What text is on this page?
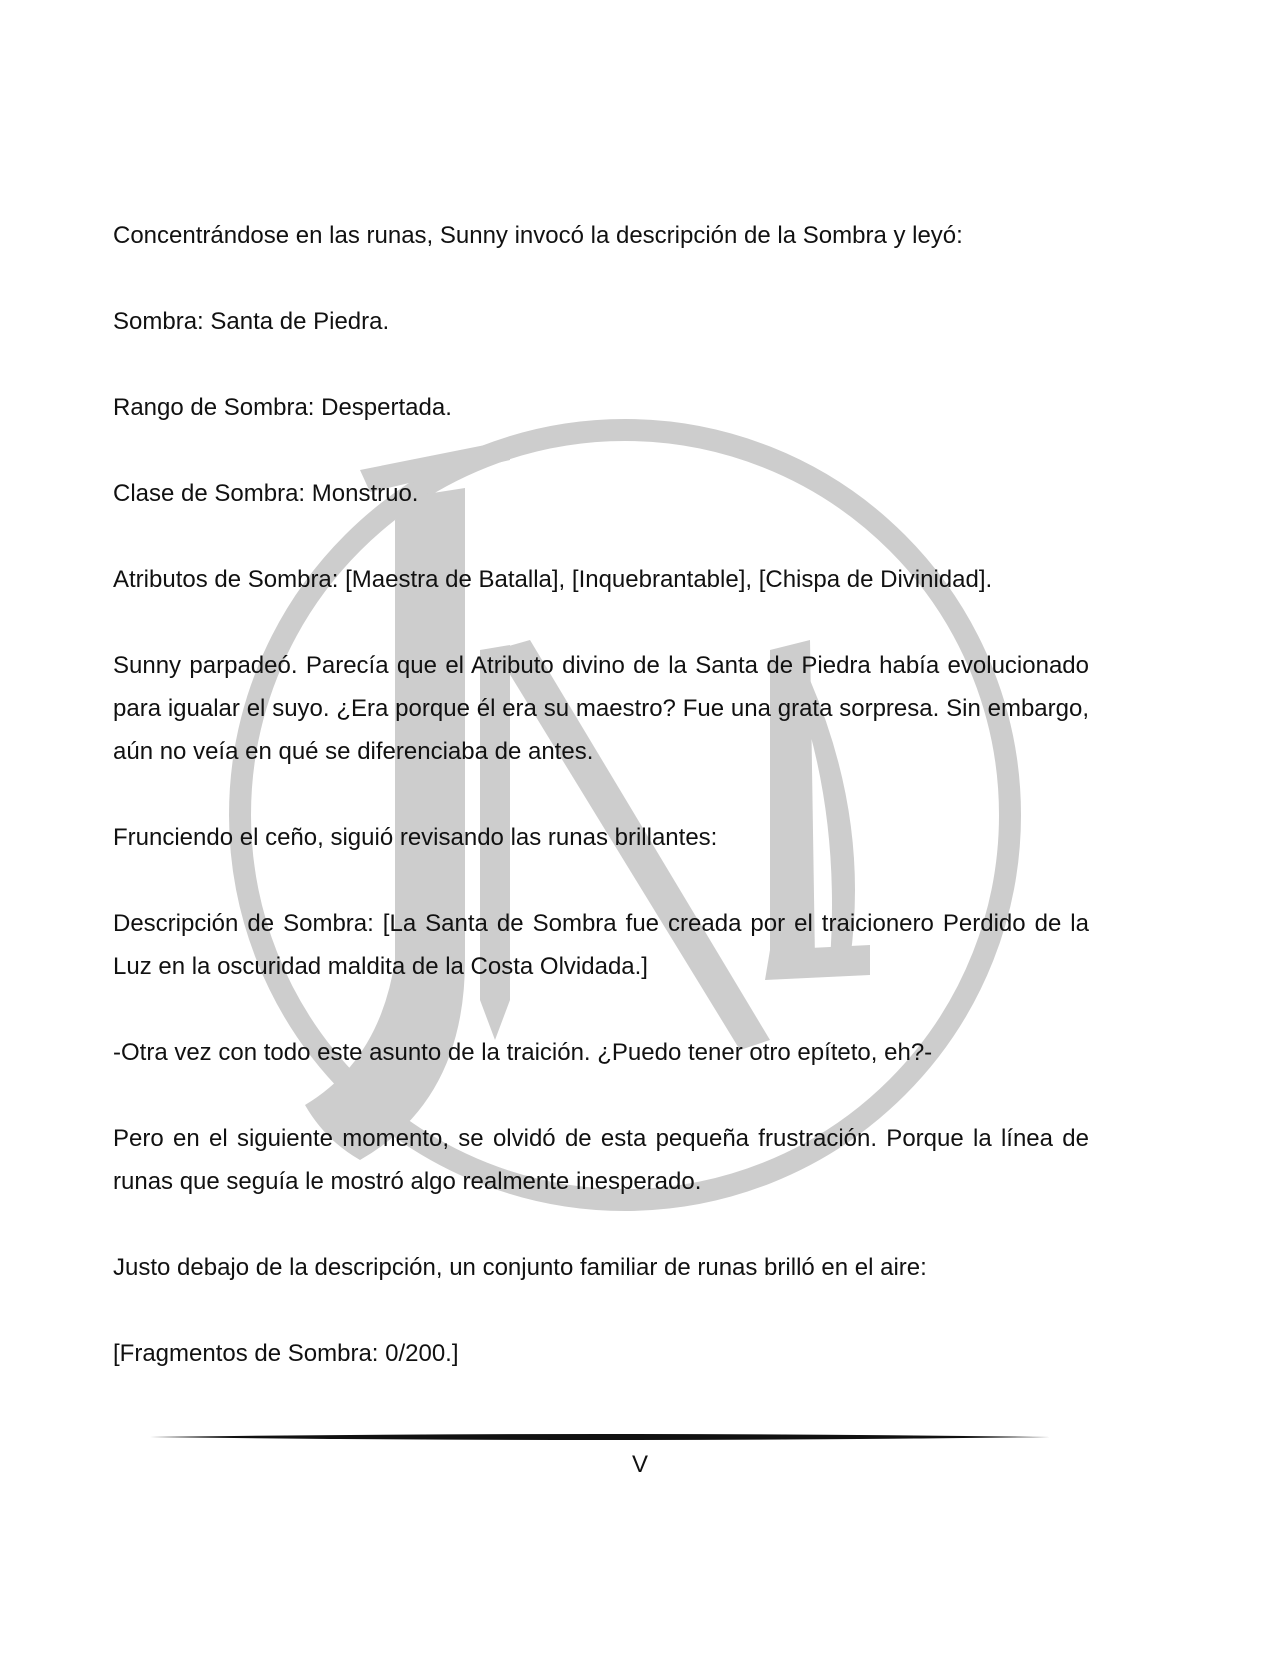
Concentrándose en las runas, Sunny invocó la descripción de la Sombra y leyó:

Sombra: Santa de Piedra.

Rango de Sombra: Despertada.

Clase de Sombra: Monstruo.

Atributos de Sombra: [Maestra de Batalla], [Inquebrantable], [Chispa de Divinidad].

Sunny parpadeó. Parecía que el Atributo divino de la Santa de Piedra había evolucionado para igualar el suyo. ¿Era porque él era su maestro? Fue una grata sorpresa. Sin embargo, aún no veía en qué se diferenciaba de antes.

Frunciendo el ceño, siguió revisando las runas brillantes:

Descripción de Sombra: [La Santa de Sombra fue creada por el traicionero Perdido de la Luz en la oscuridad maldita de la Costa Olvidada.]

-Otra vez con todo este asunto de la traición. ¿Puedo tener otro epíteto, eh?-

Pero en el siguiente momento, se olvidó de esta pequeña frustración. Porque la línea de runas que seguía le mostró algo realmente inesperado.

Justo debajo de la descripción, un conjunto familiar de runas brilló en el aire:

[Fragmentos de Sombra: 0/200.]

V
